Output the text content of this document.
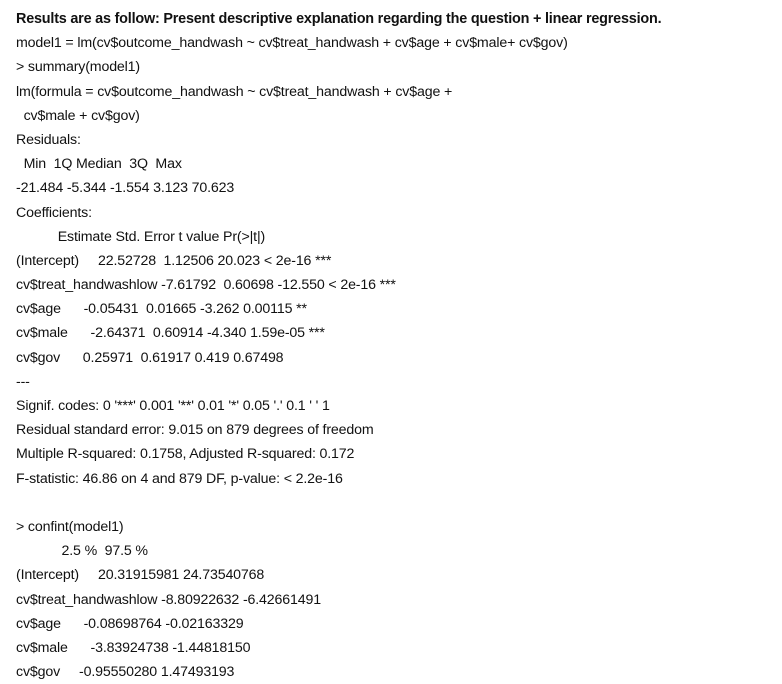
Results are as follow: Present descriptive explanation regarding the question + linear regression.
model1 = lm(cv$outcome_handwash ~ cv$treat_handwash + cv$age + cv$male+ cv$gov)
> summary(model1)
lm(formula = cv$outcome_handwash ~ cv$treat_handwash + cv$age +
cv$male + cv$gov)
Residuals:
Min  1Q Median  3Q  Max
-21.484 -5.344 -1.554 3.123 70.623
Coefficients:
Estimate Std. Error t value Pr(>|t|)
(Intercept)     22.52728  1.12506 20.023 < 2e-16 ***
cv$treat_handwashlow -7.61792  0.60698 -12.550 < 2e-16 ***
cv$age      -0.05431  0.01665 -3.262 0.00115 **
cv$male      -2.64371  0.60914 -4.340 1.59e-05 ***
cv$gov      0.25971  0.61917 0.419 0.67498
---
Signif. codes: 0 '***' 0.001 '**' 0.01 '*' 0.05 '.' 0.1 ' ' 1
Residual standard error: 9.015 on 879 degrees of freedom
Multiple R-squared: 0.1758, Adjusted R-squared: 0.172
F-statistic: 46.86 on 4 and 879 DF, p-value: < 2.2e-16
> confint(model1)
2.5 %  97.5 %
(Intercept)     20.31915981 24.73540768
cv$treat_handwashlow -8.80922632 -6.42661491
cv$age      -0.08698764 -0.02163329
cv$male      -3.83924738 -1.44818150
cv$gov     -0.95550280 1.47493193
